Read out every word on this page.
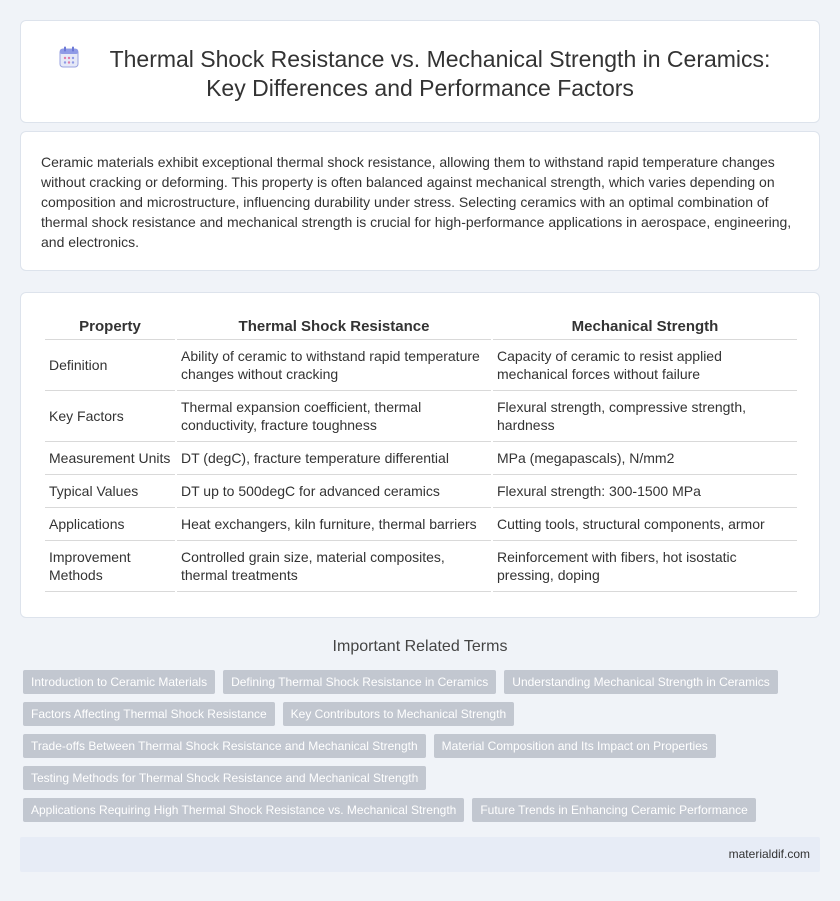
Thermal Shock Resistance vs. Mechanical Strength in Ceramics:
Key Differences and Performance Factors

Ceramic materials exhibit exceptional thermal shock resistance, allowing them to withstand rapid temperature changes without cracking or deforming. This property is often balanced against mechanical strength, which varies depending on composition and microstructure, influencing durability under stress. Selecting ceramics with an optimal combination of thermal shock resistance and mechanical strength is crucial for high-performance applications in aerospace, engineering, and electronics.

Property	Thermal Shock Resistance	Mechanical Strength
Definition	Ability of ceramic to withstand rapid temperature changes without cracking	Capacity of ceramic to resist applied mechanical forces without failure
Key Factors	Thermal expansion coefficient, thermal conductivity, fracture toughness	Flexural strength, compressive strength, hardness
Measurement Units	DT (degC), fracture temperature differential	MPa (megapascals), N/mm2
Typical Values	DT up to 500degC for advanced ceramics	Flexural strength: 300-1500 MPa
Applications	Heat exchangers, kiln furniture, thermal barriers	Cutting tools, structural components, armor
Improvement Methods	Controlled grain size, material composites, thermal treatments	Reinforcement with fibers, hot isostatic pressing, doping
Important Related Terms
Introduction to Ceramic Materials	Defining Thermal Shock Resistance in Ceramics	Understanding Mechanical Strength in Ceramics
Factors Affecting Thermal Shock Resistance	Key Contributors to Mechanical Strength
Trade-offs Between Thermal Shock Resistance and Mechanical Strength	Material Composition and Its Impact on Properties
Testing Methods for Thermal Shock Resistance and Mechanical Strength
Applications Requiring High Thermal Shock Resistance vs. Mechanical Strength	Future Trends in Enhancing Ceramic Performance
materialdif.com
